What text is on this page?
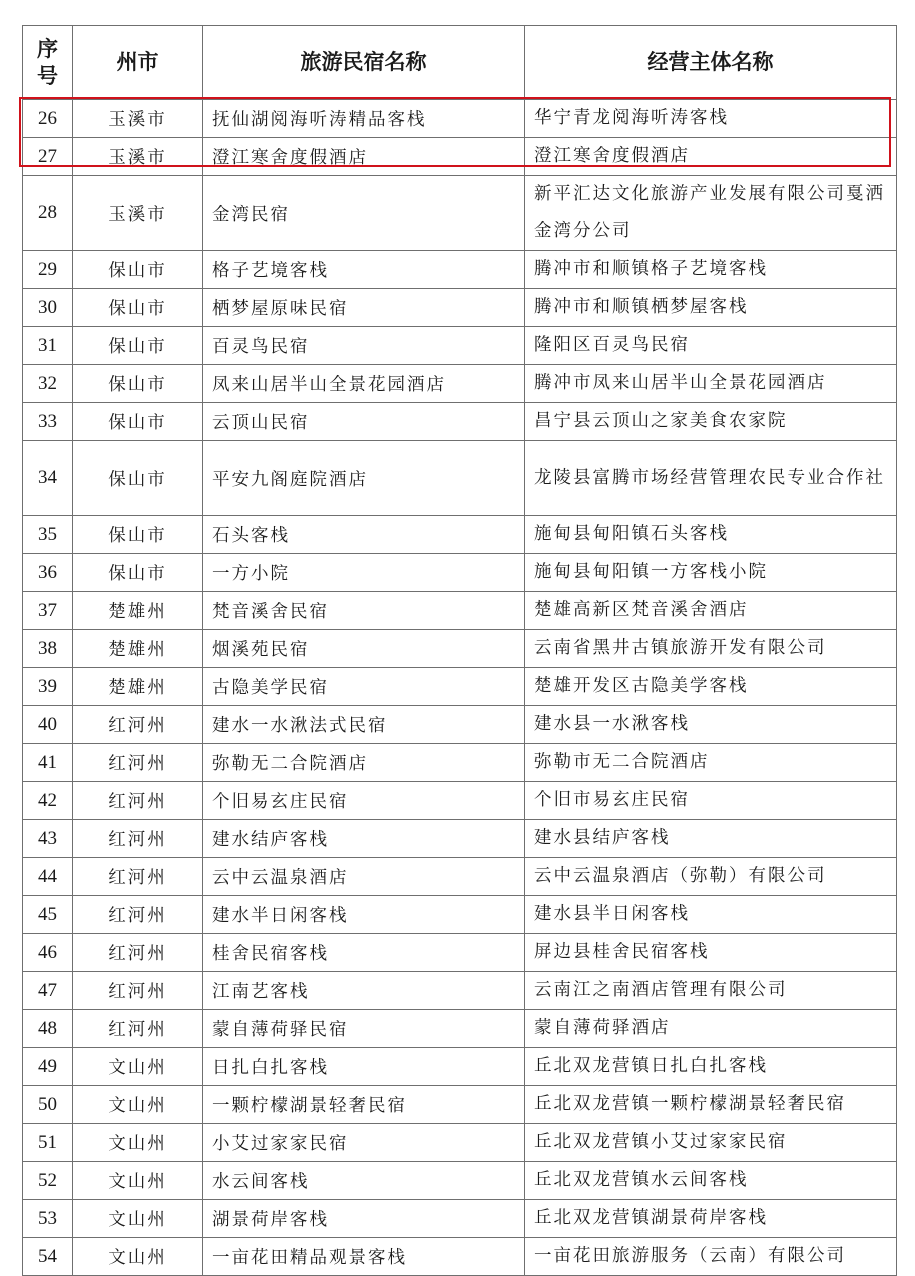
序
号	州市	旅游民宿名称	经营主体名称
26	玉溪市	抚仙湖阅海听涛精品客栈	华宁青龙阅海听涛客栈
27	玉溪市	澄江寒舍度假酒店	澄江寒舍度假酒店
28	玉溪市	金湾民宿	新平汇达文化旅游产业发展有限公司戛洒金湾分公司
29	保山市	格子艺境客栈	腾冲市和顺镇格子艺境客栈
30	保山市	栖梦屋原味民宿	腾冲市和顺镇栖梦屋客栈
31	保山市	百灵鸟民宿	隆阳区百灵鸟民宿
32	保山市	凤来山居半山全景花园酒店	腾冲市凤来山居半山全景花园酒店
33	保山市	云顶山民宿	昌宁县云顶山之家美食农家院
34	保山市	平安九阁庭院酒店	龙陵县富腾市场经营管理农民专业合作社
35	保山市	石头客栈	施甸县甸阳镇石头客栈
36	保山市	一方小院	施甸县甸阳镇一方客栈小院
37	楚雄州	梵音溪舍民宿	楚雄高新区梵音溪舍酒店
38	楚雄州	烟溪苑民宿	云南省黑井古镇旅游开发有限公司
39	楚雄州	古隐美学民宿	楚雄开发区古隐美学客栈
40	红河州	建水一水湫法式民宿	建水县一水湫客栈
41	红河州	弥勒无二合院酒店	弥勒市无二合院酒店
42	红河州	个旧易玄庄民宿	个旧市易玄庄民宿
43	红河州	建水结庐客栈	建水县结庐客栈
44	红河州	云中云温泉酒店	云中云温泉酒店（弥勒）有限公司
45	红河州	建水半日闲客栈	建水县半日闲客栈
46	红河州	桂舍民宿客栈	屏边县桂舍民宿客栈
47	红河州	江南艺客栈	云南江之南酒店管理有限公司
48	红河州	蒙自薄荷驿民宿	蒙自薄荷驿酒店
49	文山州	日扎白扎客栈	丘北双龙营镇日扎白扎客栈
50	文山州	一颗柠檬湖景轻奢民宿	丘北双龙营镇一颗柠檬湖景轻奢民宿
51	文山州	小艾过家家民宿	丘北双龙营镇小艾过家家民宿
52	文山州	水云间客栈	丘北双龙营镇水云间客栈
53	文山州	湖景荷岸客栈	丘北双龙营镇湖景荷岸客栈
54	文山州	一亩花田精品观景客栈	一亩花田旅游服务（云南）有限公司
